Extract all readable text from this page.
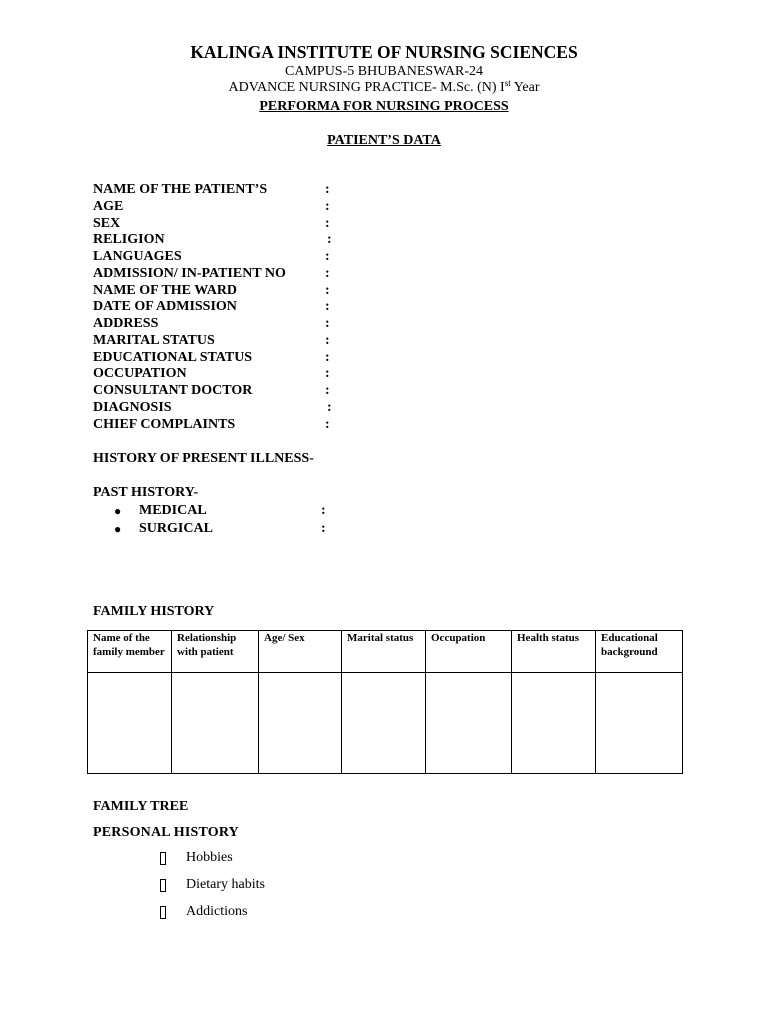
KALINGA INSTITUTE OF NURSING SCIENCES
CAMPUS-5 BHUBANESWAR-24
ADVANCE NURSING PRACTICE- M.Sc. (N) Ist Year
PERFORMA FOR NURSING PROCESS
PATIENT’S DATA
NAME OF THE PATIENT’S	:
AGE	:
SEX	:
RELIGION	:
LANGUAGES	:
ADMISSION/ IN-PATIENT NO	:
NAME OF THE WARD	:
DATE OF ADMISSION	:
ADDRESS	:
MARITAL STATUS	:
EDUCATIONAL STATUS	:
OCCUPATION	:
CONSULTANT DOCTOR	:
DIAGNOSIS	:
CHIEF COMPLAINTS	:
HISTORY OF PRESENT ILLNESS-
PAST HISTORY-
● MEDICAL	:
● SURGICAL	:
FAMILY HISTORY
Name of the family member	Relationship with patient	Age/ Sex	Marital status	Occupation	Health status	Educational background

FAMILY TREE
PERSONAL HISTORY
Hobbies
Dietary habits
Addictions
